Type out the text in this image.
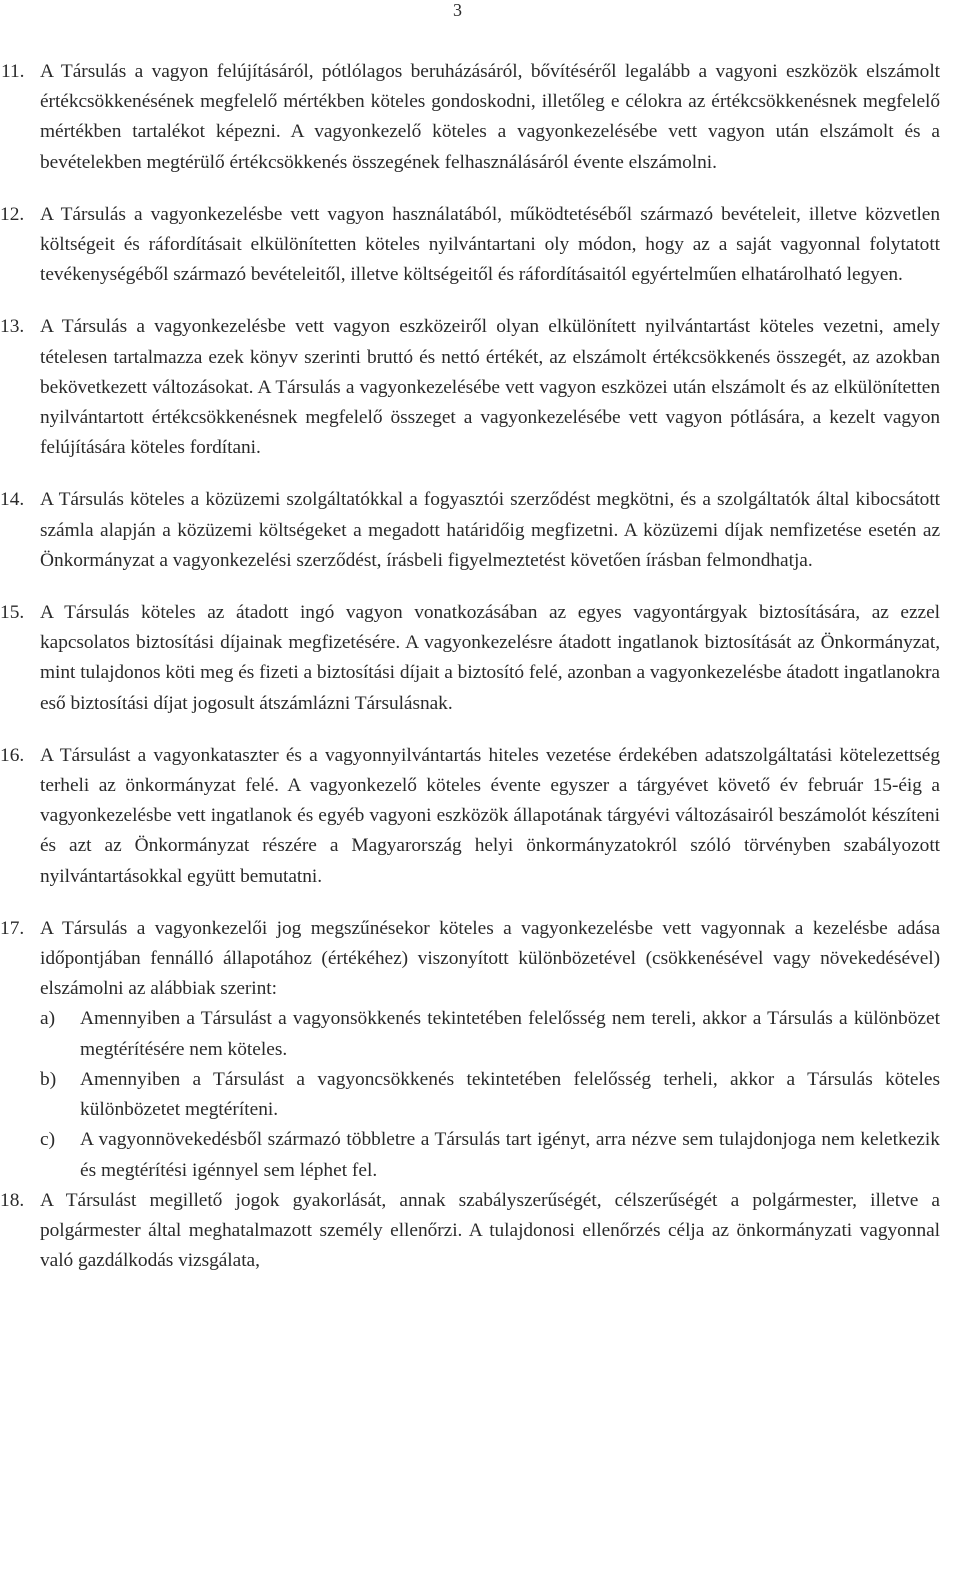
3
11. A Társulás a vagyon felújításáról, pótlólagos beruházásáról, bővítéséről legalább a vagyoni eszközök elszámolt értékcsökkenésének megfelelő mértékben köteles gondoskodni, illetőleg e célokra az értékcsökkenésnek megfelelő mértékben tartalékot képezni. A vagyonkezelő köteles a vagyonkezelésébe vett vagyon után elszámolt és a bevételekben megtérülő értékcsökkenés összegének felhasználásáról évente elszámolni.
12. A Társulás a vagyonkezelésbe vett vagyon használatából, működtetéséből származó bevételeit, illetve közvetlen költségeit és ráfordításait elkülönítetten köteles nyilvántartani oly módon, hogy az a saját vagyonnal folytatott tevékenységéből származó bevételeitől, illetve költségeitől és ráfordításaitól egyértelműen elhatárolható legyen.
13. A Társulás a vagyonkezelésbe vett vagyon eszközeiről olyan elkülönített nyilvántartást köteles vezetni, amely tételesen tartalmazza ezek könyv szerinti bruttó és nettó értékét, az elszámolt értékcsökkenés összegét, az azokban bekövetkezett változásokat. A Társulás a vagyonkezelésébe vett vagyon eszközei után elszámolt és az elkülönítetten nyilvántartott értékcsökkenésnek megfelelő összeget a vagyonkezelésébe vett vagyon pótlására, a kezelt vagyon felújítására köteles fordítani.
14. A Társulás köteles a közüzemi szolgáltatókkal a fogyasztói szerződést megkötni, és a szolgáltatók által kibocsátott számla alapján a közüzemi költségeket a megadott határidőig megfizetni. A közüzemi díjak nemfizetése esetén az Önkormányzat a vagyonkezelési szerződést, írásbeli figyelmeztetést követően írásban felmondhatja.
15. A Társulás köteles az átadott ingó vagyon vonatkozásában az egyes vagyontárgyak biztosítására, az ezzel kapcsolatos biztosítási díjainak megfizetésére. A vagyonkezelésre átadott ingatlanok biztosítását az Önkormányzat, mint tulajdonos köti meg és fizeti a biztosítási díjait a biztosító felé, azonban a vagyonkezelésbe átadott ingatlanokra eső biztosítási díjat jogosult átszámlázni Társulásnak.
16. A Társulást a vagyonkataszter és a vagyonnyilvántartás hiteles vezetése érdekében adatszolgáltatási kötelezettség terheli az önkormányzat felé. A vagyonkezelő köteles évente egyszer a tárgyévet követő év február 15-éig a vagyonkezelésbe vett ingatlanok és egyéb vagyoni eszközök állapotának tárgyévi változásairól beszámolót készíteni és azt az Önkormányzat részére a Magyarország helyi önkormányzatokról szóló törvényben szabályozott nyilvántartásokkal együtt bemutatni.
17. A Társulás a vagyonkezelői jog megszűnésekor köteles a vagyonkezelésbe vett vagyonnak a kezelésbe adása időpontjában fennálló állapotához (értékéhez) viszonyított különbözetével (csökkenésével vagy növekedésével) elszámolni az alábbiak szerint:
a)	Amennyiben a Társulást a vagyonsökkenés tekintetében felelősség nem tereli, akkor a Társulás a különbözet megtérítésére nem köteles.
b)	Amennyiben a Társulást a vagyoncsökkenés tekintetében felelősség terheli, akkor a Társulás köteles különbözetet megtéríteni.
c)	A vagyonnövekedésből származó többletre a Társulás tart igényt, arra nézve sem tulajdonjoga nem keletkezik és megtérítési igénnyel sem léphet fel.
18. A Társulást megillető jogok gyakorlását, annak szabályszerűségét, célszerűségét a polgármester, illetve a polgármester által meghatalmazott személy ellenőrzi. A tulajdonosi ellenőrzés célja az önkormányzati vagyonnal való gazdálkodás vizsgálata,
